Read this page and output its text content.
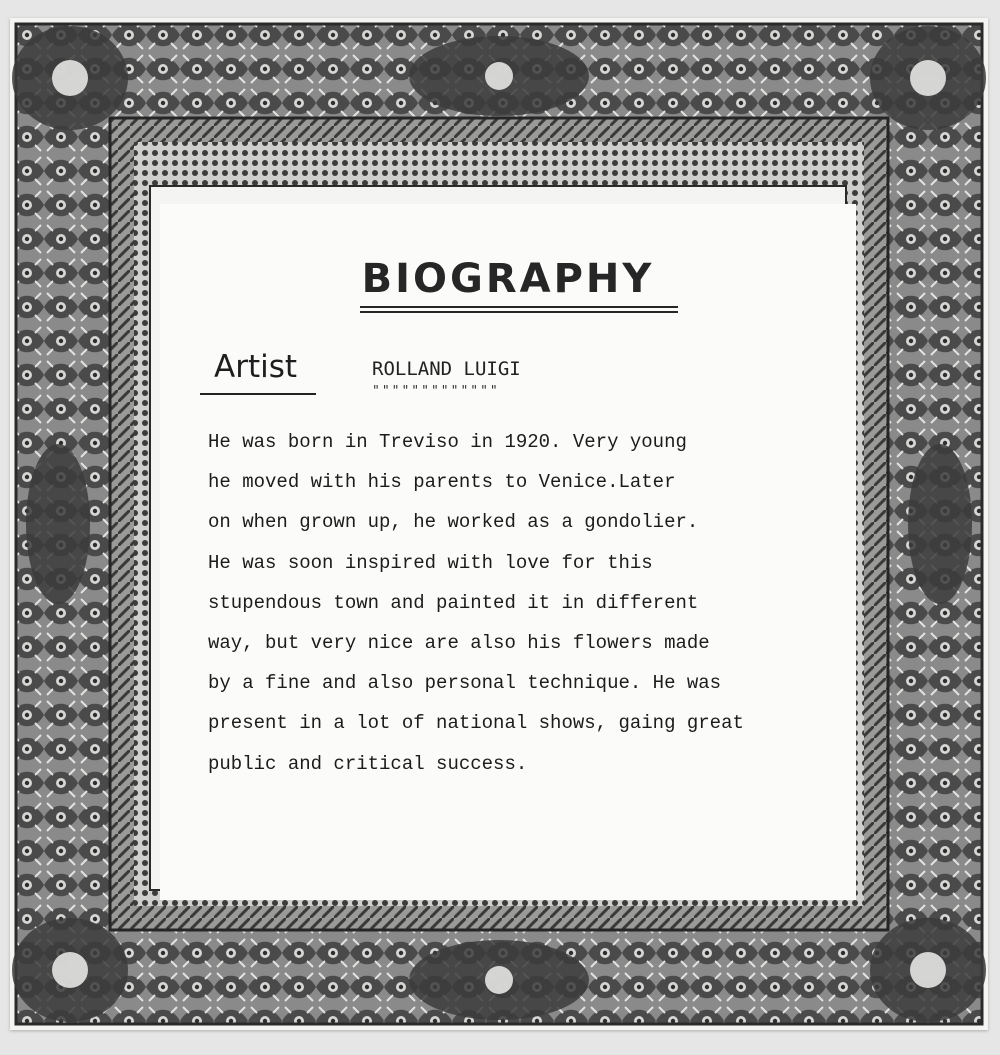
BIOGRAPHY
Artist	ROLLAND LUIGI
"""""""""""""
He was born in Treviso in 1920. Very young
he moved with his parents to Venice.Later
on when grown up, he worked as a gondolier.
He was soon inspired with love for this
stupendous town and painted it in different
way, but very nice are also his flowers made
by a fine and also personal technique. He was
present in a lot of national shows, gaing great
public and critical success.
